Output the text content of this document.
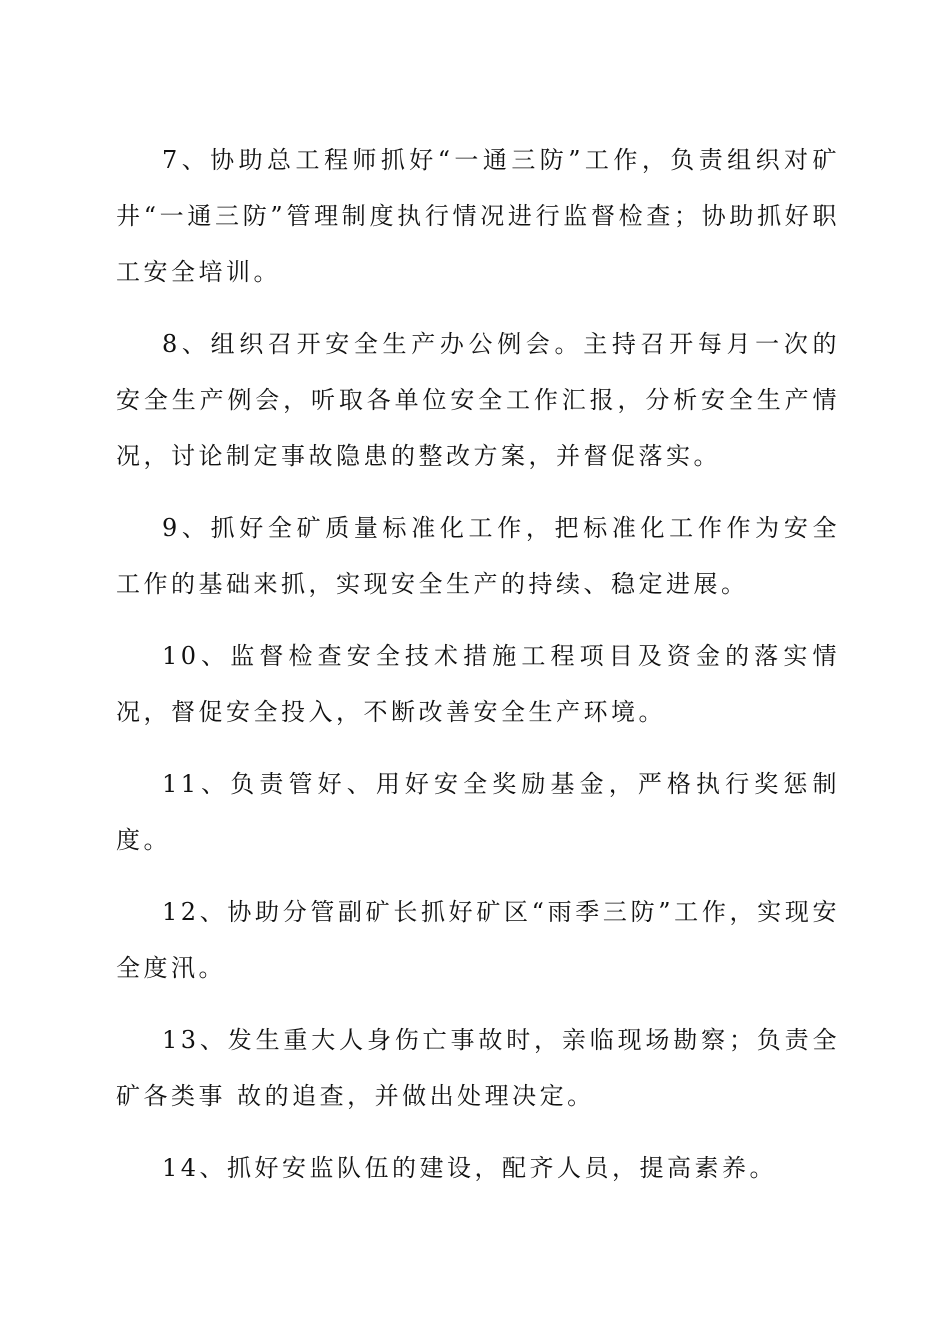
7、协助总工程师抓好“一通三防”工作，负责组织对矿井“一通三防”管理制度执行情况进行监督检查；协助抓好职工安全培训。

8、组织召开安全生产办公例会。主持召开每月一次的安全生产例会，听取各单位安全工作汇报，分析安全生产情况，讨论制定事故隐患的整改方案，并督促落实。

9、抓好全矿质量标准化工作，把标准化工作作为安全工作的基础来抓，实现安全生产的持续、稳定进展。

10、监督检查安全技术措施工程项目及资金的落实情况，督促安全投入，不断改善安全生产环境。

11、负责管好、用好安全奖励基金，严格执行奖惩制度。

12、协助分管副矿长抓好矿区“雨季三防”工作，实现安全度汛。

13、发生重大人身伤亡事故时，亲临现场勘察；负责全矿各类事 故的追查，并做出处理决定。

14、抓好安监队伍的建设，配齐人员，提高素养。
